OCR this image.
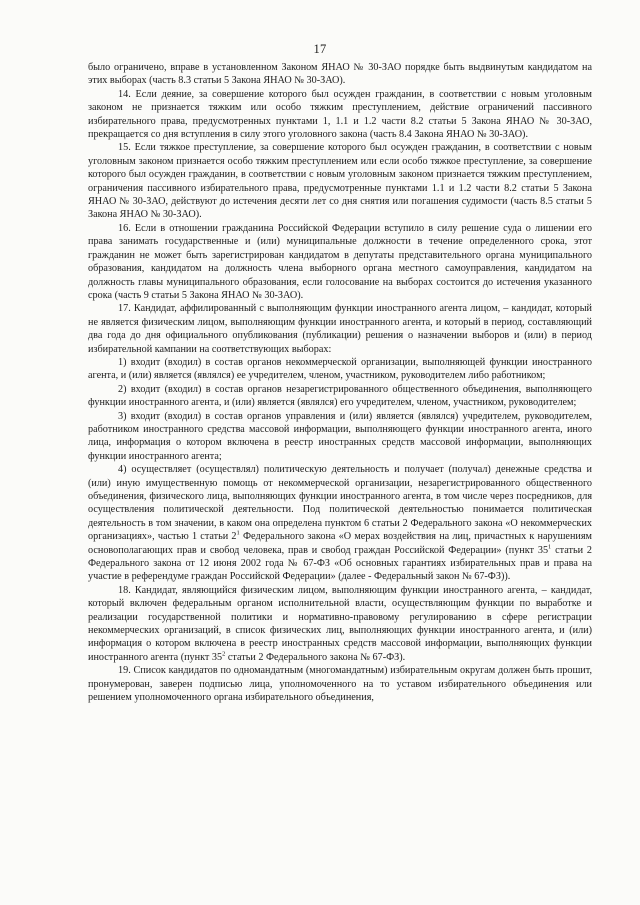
17

было ограничено, вправе в установленном Законом ЯНАО № 30-ЗАО порядке быть выдвинутым кандидатом на этих выборах (часть 8.3 статьи 5 Закона ЯНАО № 30-ЗАО).

14. Если деяние, за совершение которого был осужден гражданин, в соответствии с новым уголовным законом не признается тяжким или особо тяжким преступлением, действие ограничений пассивного избирательного права, предусмотренных пунктами 1, 1.1 и 1.2 части 8.2 статьи 5 Закона ЯНАО № 30-ЗАО, прекращается со дня вступления в силу этого уголовного закона (часть 8.4 Закона ЯНАО № 30-ЗАО).

15. Если тяжкое преступление, за совершение которого был осужден гражданин, в соответствии с новым уголовным законом признается особо тяжким преступлением или если особо тяжкое преступление, за совершение которого был осужден гражданин, в соответствии с новым уголовным законом признается тяжким преступлением, ограничения пассивного избирательного права, предусмотренные пунктами 1.1 и 1.2 части 8.2 статьи 5 Закона ЯНАО № 30-ЗАО, действуют до истечения десяти лет со дня снятия или погашения судимости (часть 8.5 статьи 5 Закона ЯНАО № 30-ЗАО).

16. Если в отношении гражданина Российской Федерации вступило в силу решение суда о лишении его права занимать государственные и (или) муниципальные должности в течение определенного срока, этот гражданин не может быть зарегистрирован кандидатом в депутаты представительного органа муниципального образования, кандидатом на должность члена выборного органа местного самоуправления, кандидатом на должность главы муниципального образования, если голосование на выборах состоится до истечения указанного срока (часть 9 статьи 5 Закона ЯНАО № 30-ЗАО).

17. Кандидат, аффилированный с выполняющим функции иностранного агента лицом, – кандидат, который не является физическим лицом, выполняющим функции иностранного агента, и который в период, составляющий два года до дня официального опубликования (публикации) решения о назначении выборов и (или) в период избирательной кампании на соответствующих выборах:

1) входит (входил) в состав органов некоммерческой организации, выполняющей функции иностранного агента, и (или) является (являлся) ее учредителем, членом, участником, руководителем либо работником;

2) входит (входил) в состав органов незарегистрированного общественного объединения, выполняющего функции иностранного агента, и (или) является (являлся) его учредителем, членом, участником, руководителем;

3) входит (входил) в состав органов управления и (или) является (являлся) учредителем, руководителем, работником иностранного средства массовой информации, выполняющего функции иностранного агента, иного лица, информация о котором включена в реестр иностранных средств массовой информации, выполняющих функции иностранного агента;

4) осуществляет (осуществлял) политическую деятельность и получает (получал) денежные средства и (или) иную имущественную помощь от некоммерческой организации, незарегистрированного общественного объединения, физического лица, выполняющих функции иностранного агента, в том числе через посредников, для осуществления политической деятельности. Под политической деятельностью понимается политическая деятельность в том значении, в каком она определена пунктом 6 статьи 2 Федерального закона «О некоммерческих организациях», частью 1 статьи $2^1$ Федерального закона «О мерах воздействия на лиц, причастных к нарушениям основополагающих прав и свобод человека, прав и свобод граждан Российской Федерации» (пункт $35^1$ статьи 2 Федерального закона от 12 июня 2002 года № 67-ФЗ «Об основных гарантиях избирательных прав и права на участие в референдуме граждан Российской Федерации» (далее - Федеральный закон № 67-ФЗ)).

18. Кандидат, являющийся физическим лицом, выполняющим функции иностранного агента, – кандидат, который включен федеральным органом исполнительной власти, осуществляющим функции по выработке и реализации государственной политики и нормативно-правовому регулированию в сфере регистрации некоммерческих организаций, в список физических лиц, выполняющих функции иностранного агента, и (или) информация о котором включена в реестр иностранных средств массовой информации, выполняющих функции иностранного агента (пункт $35^2$ статьи 2 Федерального закона № 67-ФЗ).

19. Список кандидатов по одномандатным (многомандатным) избирательным округам должен быть прошит, пронумерован, заверен подписью лица, уполномоченного на то уставом избирательного объединения или решением уполномоченного органа избирательного объединения,
